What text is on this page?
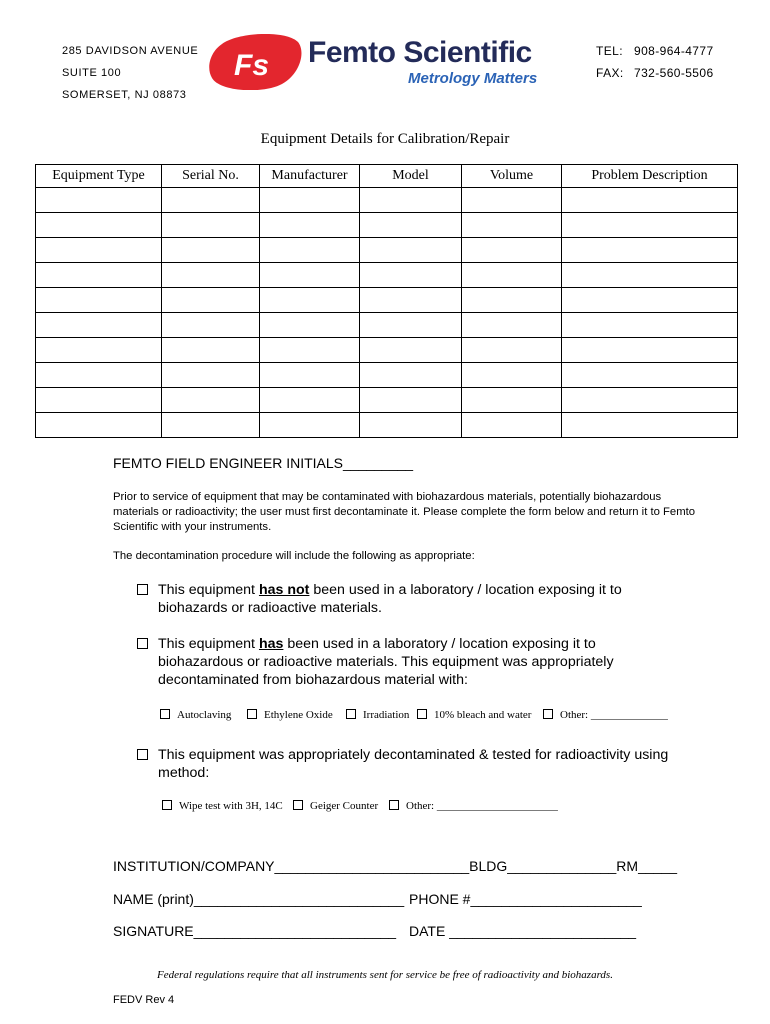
285 DAVIDSON AVENUE
SUITE 100
SOMERSET, NJ 08873
Fs Femto Scientific
Metrology Matters
TEL: 908-964-4777
FAX: 732-560-5506
Equipment Details for Calibration/Repair
Equipment Type	Serial No.	Manufacturer	Model	Volume	Problem Description

FEMTO FIELD ENGINEER INITIALS_________
Prior to service of equipment that may be contaminated with biohazardous materials, potentially biohazardous materials or radioactivity; the user must first decontaminate it. Please complete the form below and return it to Femto Scientific with your instruments.
The decontamination procedure will include the following as appropriate:
This equipment has not been used in a laboratory / location exposing it to biohazards or radioactive materials.
This equipment has been used in a laboratory / location exposing it to biohazardous or radioactive materials. This equipment was appropriately decontaminated from biohazardous material with:
Autoclaving	Ethylene Oxide	Irradiation	10% bleach and water	Other: ______________
This equipment was appropriately decontaminated & tested for radioactivity using method:
Wipe test with 3H, 14C	Geiger Counter	Other: ______________________
INSTITUTION/COMPANY_________________________BLDG______________RM_____
NAME (print)___________________________ PHONE #______________________
SIGNATURE__________________________ DATE ________________________
Federal regulations require that all instruments sent for service be free of radioactivity and biohazards.
FEDV Rev 4
